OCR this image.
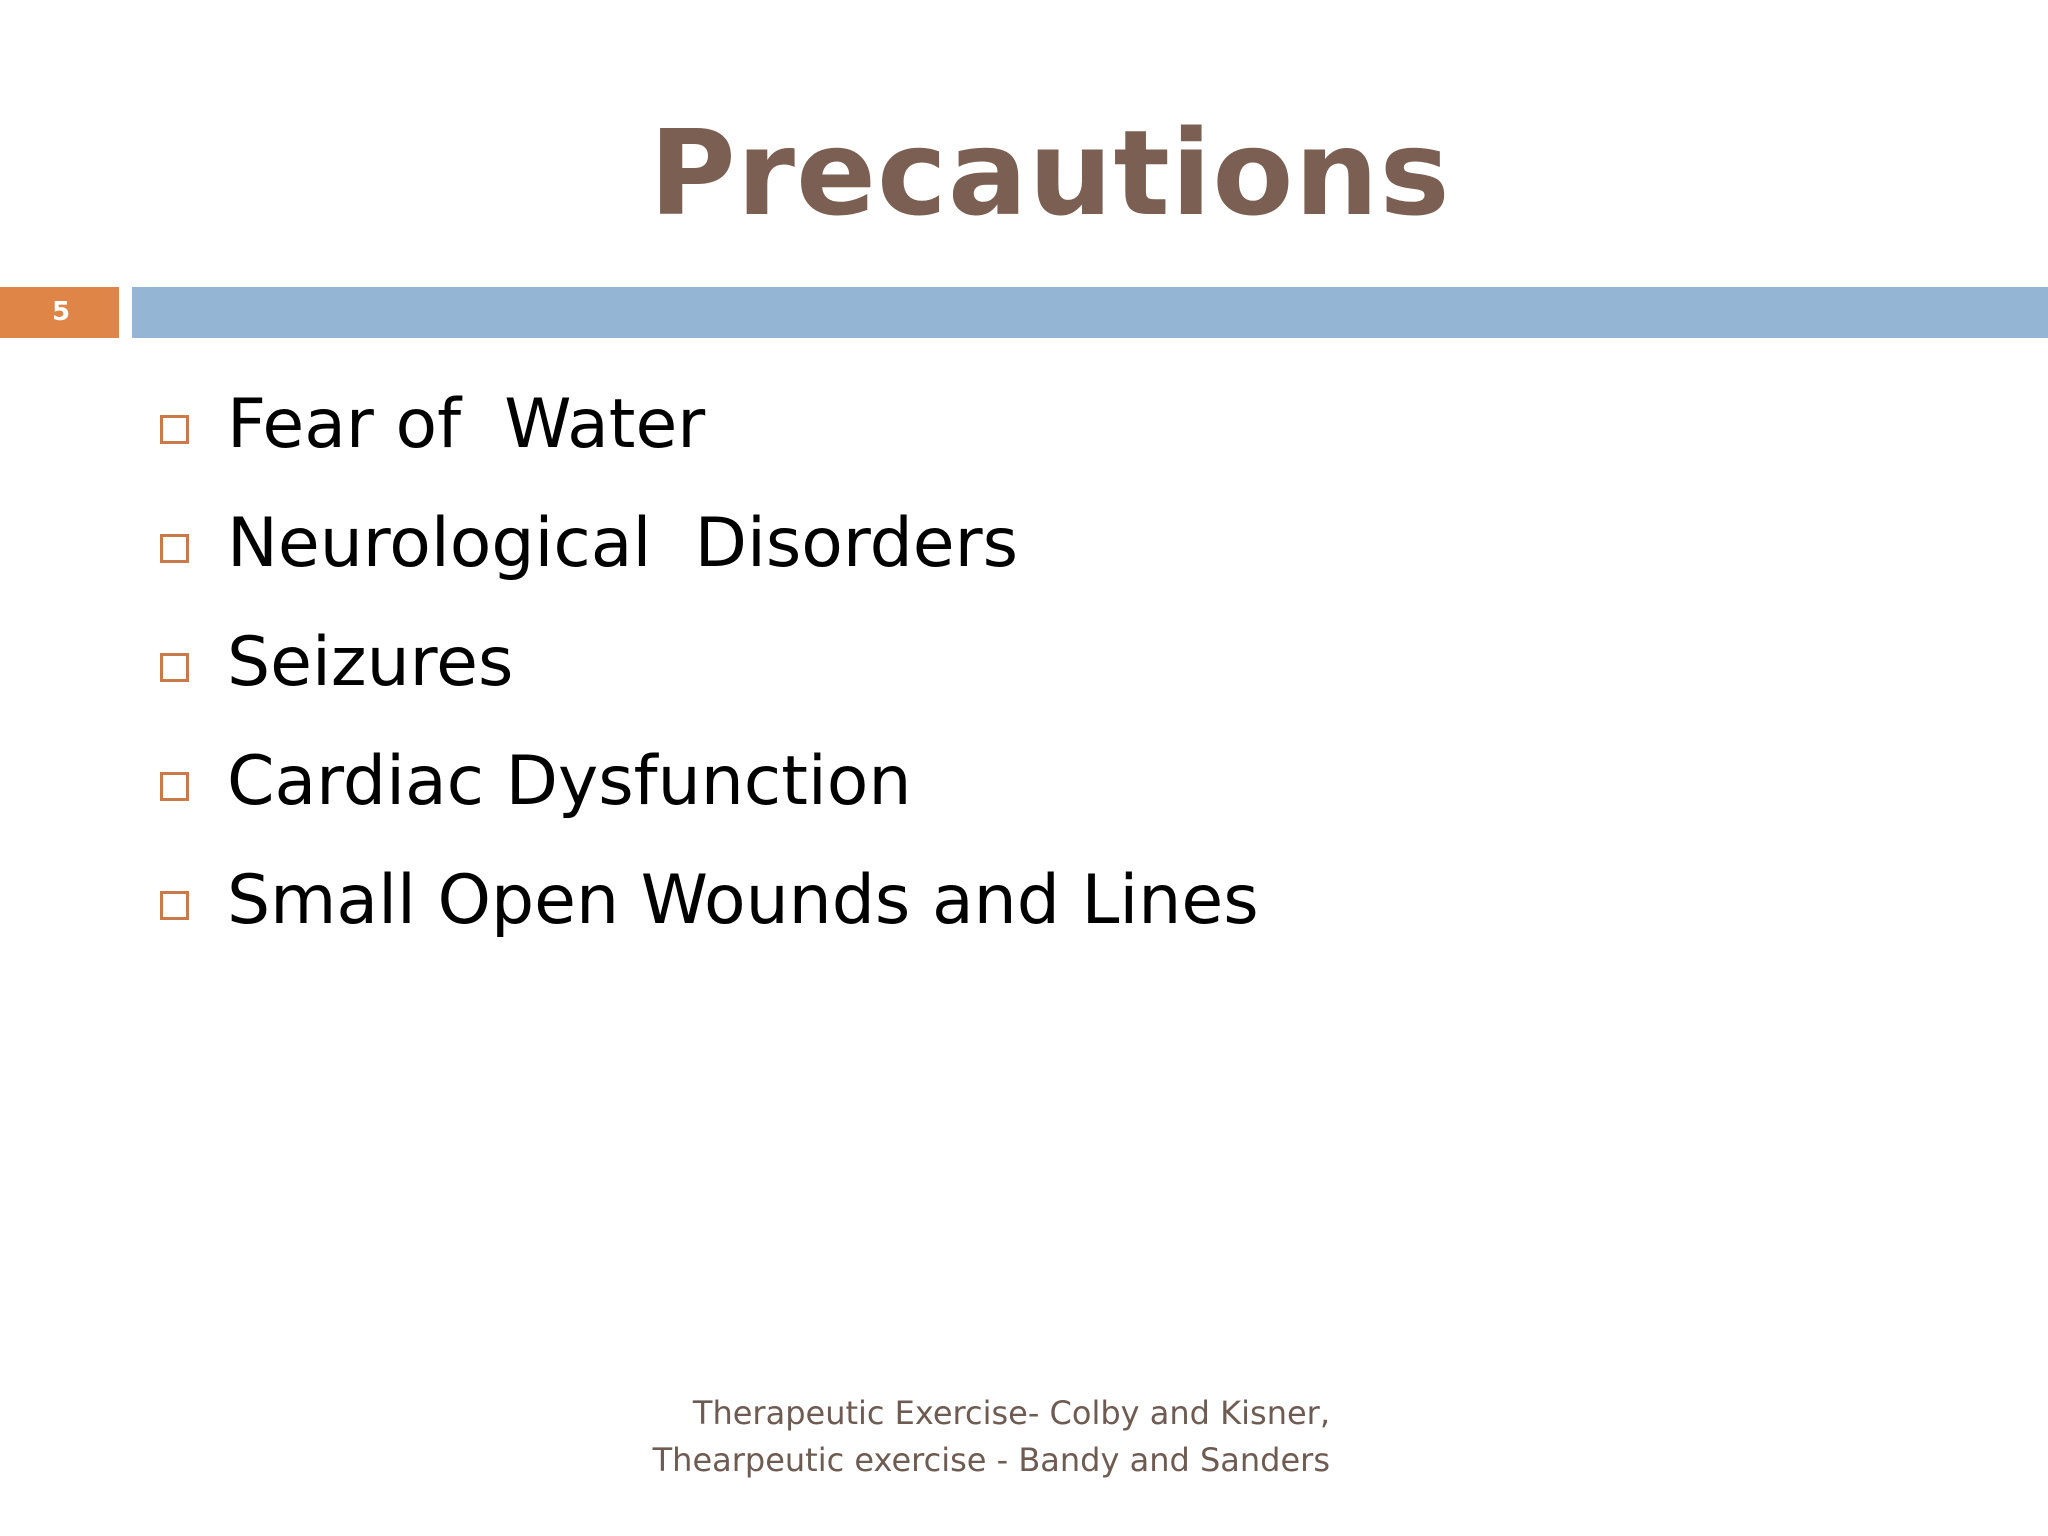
Precautions
5
Fear of  Water
Neurological  Disorders
Seizures
Cardiac Dysfunction
Small Open Wounds and Lines
Therapeutic Exercise- Colby and Kisner,
Thearpeutic exercise - Bandy and Sanders
